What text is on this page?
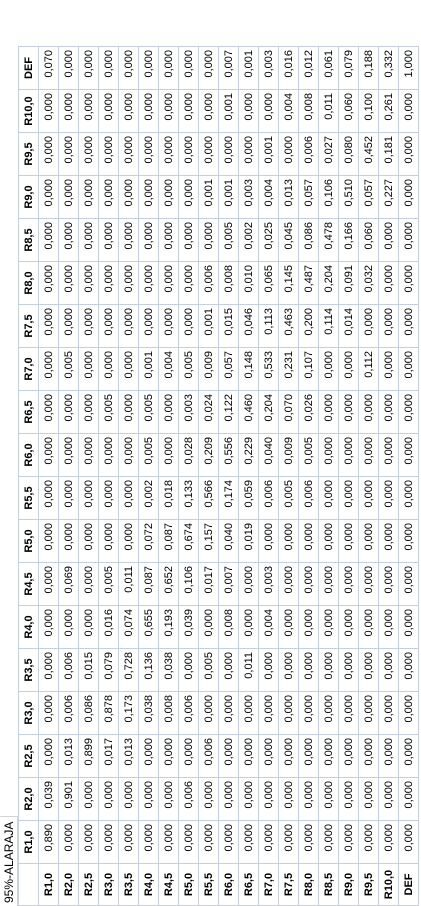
95%-ALARAJA
	R1,0	R2,0	R2,5	R3,0	R3,5	R4,0	R4,5	R5,0	R5,5	R6,0	R6,5	R7,0	R7,5	R8,0	R8,5	R9,0	R9,5	R10,0	DEF
R1,0	0,890	0,039	0,000	0,000	0,000	0,000	0,000	0,000	0,000	0,000	0,000	0,000	0,000	0,000	0,000	0,000	0,000	0,000	0,070
R2,0	0,000	0,901	0,013	0,006	0,006	0,000	0,069	0,000	0,000	0,000	0,000	0,005	0,000	0,000	0,000	0,000	0,000	0,000	0,000
R2,5	0,000	0,000	0,899	0,086	0,015	0,000	0,000	0,000	0,000	0,000	0,000	0,000	0,000	0,000	0,000	0,000	0,000	0,000	0,000
R3,0	0,000	0,000	0,017	0,878	0,079	0,016	0,005	0,000	0,000	0,000	0,005	0,000	0,000	0,000	0,000	0,000	0,000	0,000	0,000
R3,5	0,000	0,000	0,013	0,173	0,728	0,074	0,011	0,000	0,000	0,000	0,000	0,000	0,000	0,000	0,000	0,000	0,000	0,000	0,000
R4,0	0,000	0,000	0,000	0,038	0,136	0,655	0,087	0,072	0,002	0,005	0,005	0,001	0,000	0,000	0,000	0,000	0,000	0,000	0,000
R4,5	0,000	0,000	0,000	0,008	0,038	0,193	0,652	0,087	0,018	0,000	0,000	0,004	0,000	0,000	0,000	0,000	0,000	0,000	0,000
R5,0	0,000	0,006	0,000	0,006	0,000	0,039	0,106	0,674	0,133	0,028	0,003	0,005	0,000	0,000	0,000	0,000	0,000	0,000	0,000
R5,5	0,000	0,000	0,006	0,000	0,005	0,000	0,017	0,157	0,566	0,209	0,024	0,009	0,001	0,006	0,000	0,001	0,000	0,000	0,000
R6,0	0,000	0,000	0,000	0,000	0,000	0,008	0,007	0,040	0,174	0,556	0,122	0,057	0,015	0,008	0,005	0,001	0,000	0,001	0,007
R6,5	0,000	0,000	0,000	0,000	0,011	0,000	0,000	0,019	0,059	0,229	0,460	0,148	0,046	0,010	0,002	0,003	0,000	0,000	0,001
R7,0	0,000	0,000	0,000	0,000	0,000	0,004	0,003	0,000	0,006	0,040	0,204	0,533	0,113	0,065	0,025	0,004	0,001	0,000	0,003
R7,5	0,000	0,000	0,000	0,000	0,000	0,000	0,000	0,000	0,005	0,009	0,070	0,231	0,463	0,145	0,045	0,013	0,000	0,004	0,016
R8,0	0,000	0,000	0,000	0,000	0,000	0,000	0,000	0,000	0,006	0,005	0,026	0,107	0,200	0,487	0,086	0,057	0,006	0,008	0,012
R8,5	0,000	0,000	0,000	0,000	0,000	0,000	0,000	0,000	0,000	0,000	0,000	0,000	0,114	0,204	0,478	0,106	0,027	0,011	0,061
R9,0	0,000	0,000	0,000	0,000	0,000	0,000	0,000	0,000	0,000	0,000	0,000	0,000	0,014	0,091	0,166	0,510	0,080	0,060	0,079
R9,5	0,000	0,000	0,000	0,000	0,000	0,000	0,000	0,000	0,000	0,000	0,000	0,112	0,000	0,032	0,060	0,057	0,452	0,100	0,188
R10,0	0,000	0,000	0,000	0,000	0,000	0,000	0,000	0,000	0,000	0,000	0,000	0,000	0,000	0,000	0,000	0,227	0,181	0,261	0,332
DEF	0,000	0,000	0,000	0,000	0,000	0,000	0,000	0,000	0,000	0,000	0,000	0,000	0,000	0,000	0,000	0,000	0,000	0,000	1,000
